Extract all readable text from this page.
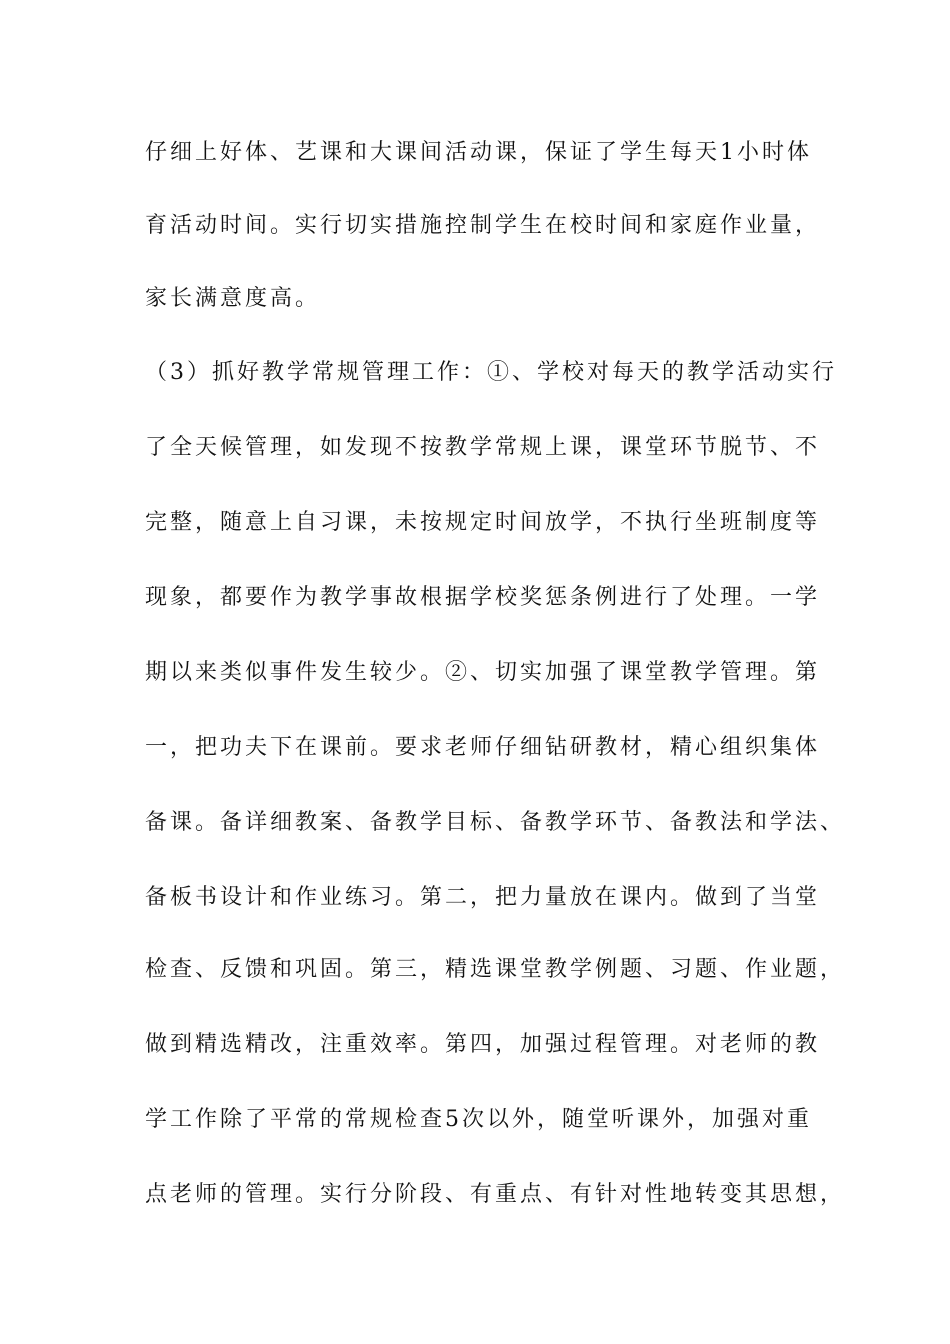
仔细上好体、艺课和大课间活动课，保证了学生每天1小时体
育活动时间。实行切实措施控制学生在校时间和家庭作业量，
家长满意度高。
（3）抓好教学常规管理工作：①、学校对每天的教学活动实行
了全天候管理，如发现不按教学常规上课，课堂环节脱节、不
完整，随意上自习课，未按规定时间放学，不执行坐班制度等
现象，都要作为教学事故根据学校奖惩条例进行了处理。一学
期以来类似事件发生较少。②、切实加强了课堂教学管理。第
一，把功夫下在课前。要求老师仔细钻研教材，精心组织集体
备课。备详细教案、备教学目标、备教学环节、备教法和学法、
备板书设计和作业练习。第二，把力量放在课内。做到了当堂
检查、反馈和巩固。第三，精选课堂教学例题、习题、作业题，
做到精选精改，注重效率。第四，加强过程管理。对老师的教
学工作除了平常的常规检查5次以外，随堂听课外，加强对重
点老师的管理。实行分阶段、有重点、有针对性地转变其思想，
